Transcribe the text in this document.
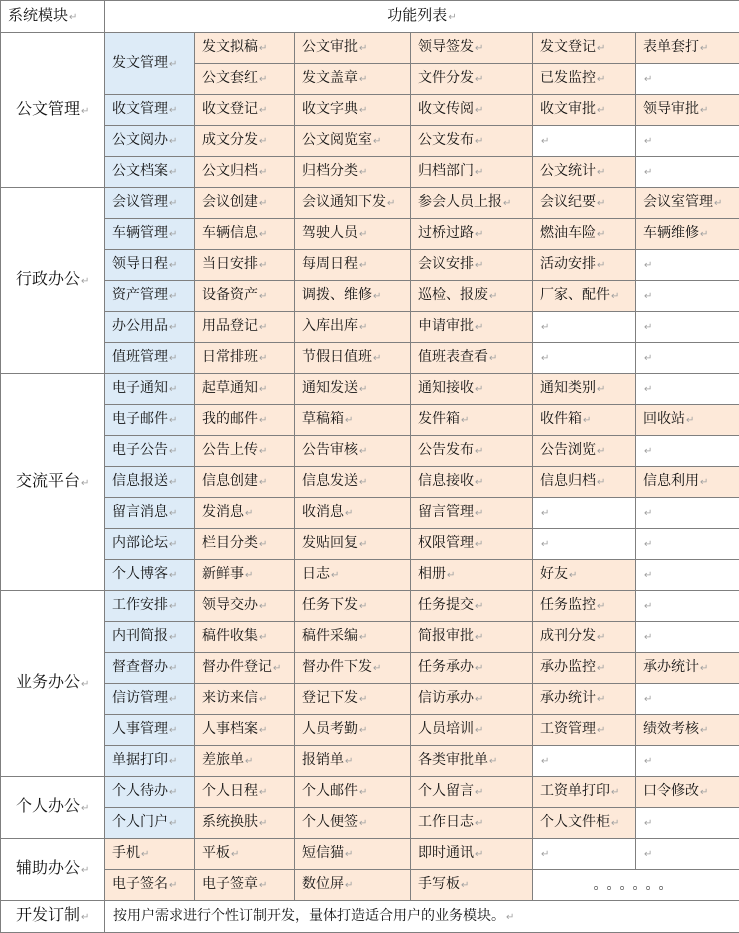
系统模块↵	功能列表↵					
公文管理↵	发文管理↵	发文拟稿↵	公文审批↵	领导签发↵	发文登记↵	表单套打↵
		公文套红↵	发文盖章↵	文件分发↵	已发监控↵	↵
	收文管理↵	收文登记↵	收文字典↵	收文传阅↵	收文审批↵	领导审批↵
	公文阅办↵	成文分发↵	公文阅览室↵	公文发布↵	↵	↵
	公文档案↵	公文归档↵	归档分类↵	归档部门↵	公文统计↵	↵
行政办公↵	会议管理↵	会议创建↵	会议通知下发↵	参会人员上报↵	会议纪要↵	会议室管理↵
	车辆管理↵	车辆信息↵	驾驶人员↵	过桥过路↵	燃油车险↵	车辆维修↵
	领导日程↵	当日安排↵	每周日程↵	会议安排↵	活动安排↵	↵
	资产管理↵	设备资产↵	调拨、维修↵	巡检、报废↵	厂家、配件↵	↵
	办公用品↵	用品登记↵	入库出库↵	申请审批↵	↵	↵
	值班管理↵	日常排班↵	节假日值班↵	值班表查看↵	↵	↵
交流平台↵	电子通知↵	起草通知↵	通知发送↵	通知接收↵	通知类别↵	↵
	电子邮件↵	我的邮件↵	草稿箱↵	发件箱↵	收件箱↵	回收站↵
	电子公告↵	公告上传↵	公告审核↵	公告发布↵	公告浏览↵	↵
	信息报送↵	信息创建↵	信息发送↵	信息接收↵	信息归档↵	信息利用↵
	留言消息↵	发消息↵	收消息↵	留言管理↵	↵	↵
	内部论坛↵	栏目分类↵	发贴回复↵	权限管理↵	↵	↵
	个人博客↵	新鲜事↵	日志↵	相册↵	好友↵	↵
业务办公↵	工作安排↵	领导交办↵	任务下发↵	任务提交↵	任务监控↵	↵
	内刊简报↵	稿件收集↵	稿件采编↵	简报审批↵	成刊分发↵	↵
	督查督办↵	督办件登记↵	督办件下发↵	任务承办↵	承办监控↵	承办统计↵
	信访管理↵	来访来信↵	登记下发↵	信访承办↵	承办统计↵	↵
	人事管理↵	人事档案↵	人员考勤↵	人员培训↵	工资管理↵	绩效考核↵
	单据打印↵	差旅单↵	报销单↵	各类审批单↵	↵	↵
个人办公↵	个人待办↵	个人日程↵	个人邮件↵	个人留言↵	工资单打印↵	口令修改↵
	个人门户↵	系统换肤↵	个人便签↵	工作日志↵	个人文件柜↵	↵
辅助办公↵	手机↵	平板↵	短信猫↵	即时通讯↵	↵	↵
	电子签名↵	电子签章↵	数位屏↵	手写板↵	。。。。。。	
开发订制↵	按用户需求进行个性订制开发，量体打造适合用户的业务模块。↵					
